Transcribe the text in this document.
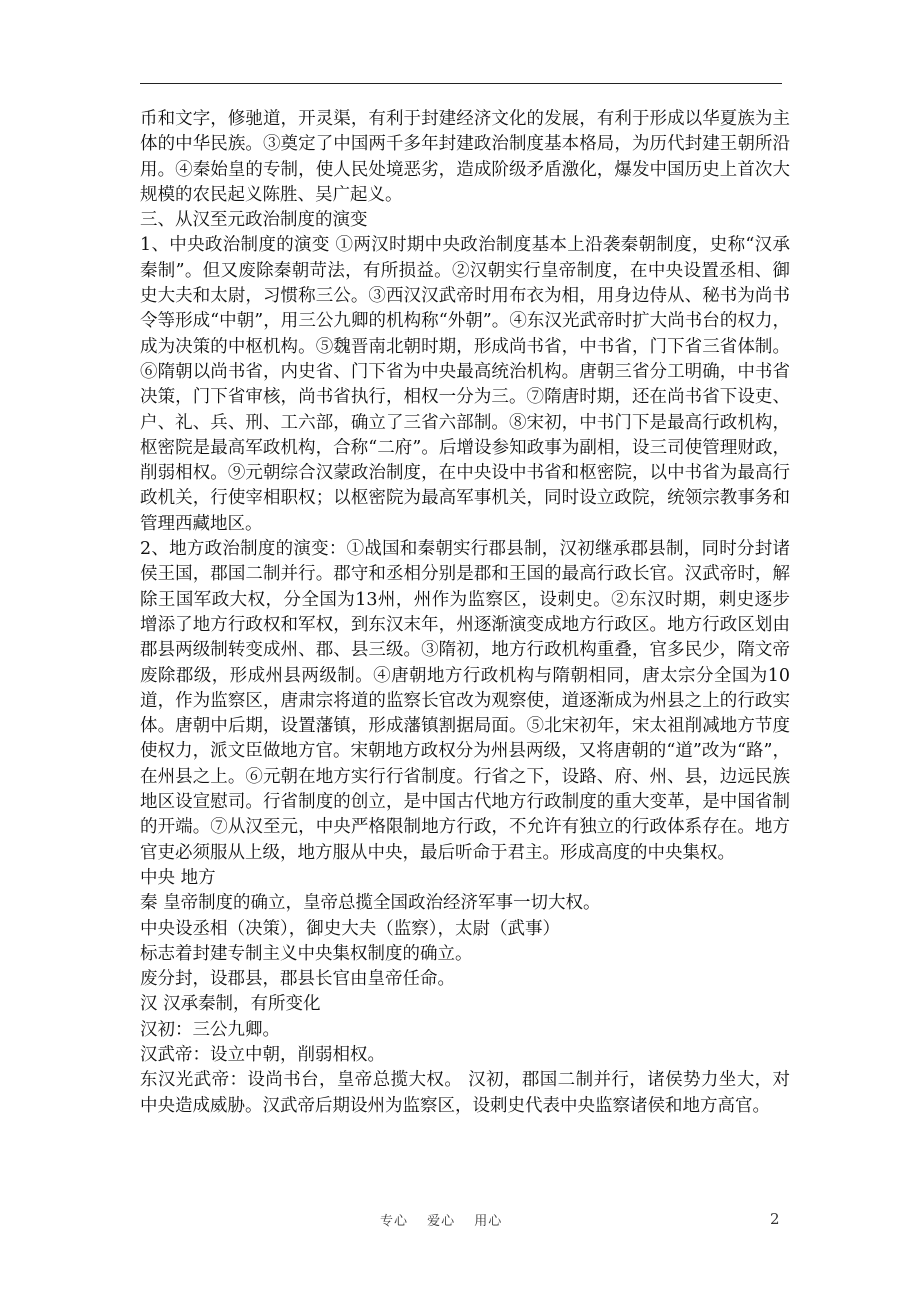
币和文字，修驰道，开灵渠，有利于封建经济文化的发展，有利于形成以华夏族为主体的中华民族。③奠定了中国两千多年封建政治制度基本格局，为历代封建王朝所沿用。④秦始皇的专制，使人民处境恶劣，造成阶级矛盾激化，爆发中国历史上首次大规模的农民起义陈胜、吴广起义。

三、从汉至元政治制度的演变

1、中央政治制度的演变 ①两汉时期中央政治制度基本上沿袭秦朝制度，史称“汉承秦制”。但又废除秦朝苛法，有所损益。②汉朝实行皇帝制度，在中央设置丞相、御史大夫和太尉，习惯称三公。③西汉汉武帝时用布衣为相，用身边侍从、秘书为尚书令等形成“中朝”，用三公九卿的机构称“外朝”。④东汉光武帝时扩大尚书台的权力，成为决策的中枢机构。⑤魏晋南北朝时期，形成尚书省，中书省，门下省三省体制。⑥隋朝以尚书省，内史省、门下省为中央最高统治机构。唐朝三省分工明确，中书省决策，门下省审核，尚书省执行，相权一分为三。⑦隋唐时期，还在尚书省下设吏、户、礼、兵、刑、工六部，确立了三省六部制。⑧宋初，中书门下是最高行政机构，枢密院是最高军政机构，合称“二府”。后增设参知政事为副相，设三司使管理财政，削弱相权。⑨元朝综合汉蒙政治制度，在中央设中书省和枢密院，以中书省为最高行政机关，行使宰相职权；以枢密院为最高军事机关，同时设立政院，统领宗教事务和管理西藏地区。

2、地方政治制度的演变：①战国和秦朝实行郡县制，汉初继承郡县制，同时分封诸侯王国，郡国二制并行。郡守和丞相分别是郡和王国的最高行政长官。汉武帝时，解除王国军政大权，分全国为13州，州作为监察区，设刺史。②东汉时期，刺史逐步增添了地方行政权和军权，到东汉末年，州逐渐演变成地方行政区。地方行政区划由郡县两级制转变成州、郡、县三级。③隋初，地方行政机构重叠，官多民少，隋文帝废除郡级，形成州县两级制。④唐朝地方行政机构与隋朝相同，唐太宗分全国为10道，作为监察区，唐肃宗将道的监察长官改为观察使，道逐渐成为州县之上的行政实体。唐朝中后期，设置藩镇，形成藩镇割据局面。⑤北宋初年，宋太祖削减地方节度使权力，派文臣做地方官。宋朝地方政权分为州县两级，又将唐朝的“道”改为“路”，在州县之上。⑥元朝在地方实行行省制度。行省之下，设路、府、州、县，边远民族地区设宣慰司。行省制度的创立，是中国古代地方行政制度的重大变革，是中国省制的开端。⑦从汉至元，中央严格限制地方行政，不允许有独立的行政体系存在。地方官吏必须服从上级，地方服从中央，最后听命于君主。形成高度的中央集权。

中央 地方

秦 皇帝制度的确立，皇帝总揽全国政治经济军事一切大权。

中央设丞相（决策），御史大夫（监察），太尉（武事）

标志着封建专制主义中央集权制度的确立。

废分封，设郡县，郡县长官由皇帝任命。

汉 汉承秦制，有所变化

汉初：三公九卿。

汉武帝：设立中朝，削弱相权。

东汉光武帝：设尚书台，皇帝总揽大权。 汉初，郡国二制并行，诸侯势力坐大，对中央造成威胁。汉武帝后期设州为监察区，设刺史代表中央监察诸侯和地方高官。

专心 爱心 用心	2
